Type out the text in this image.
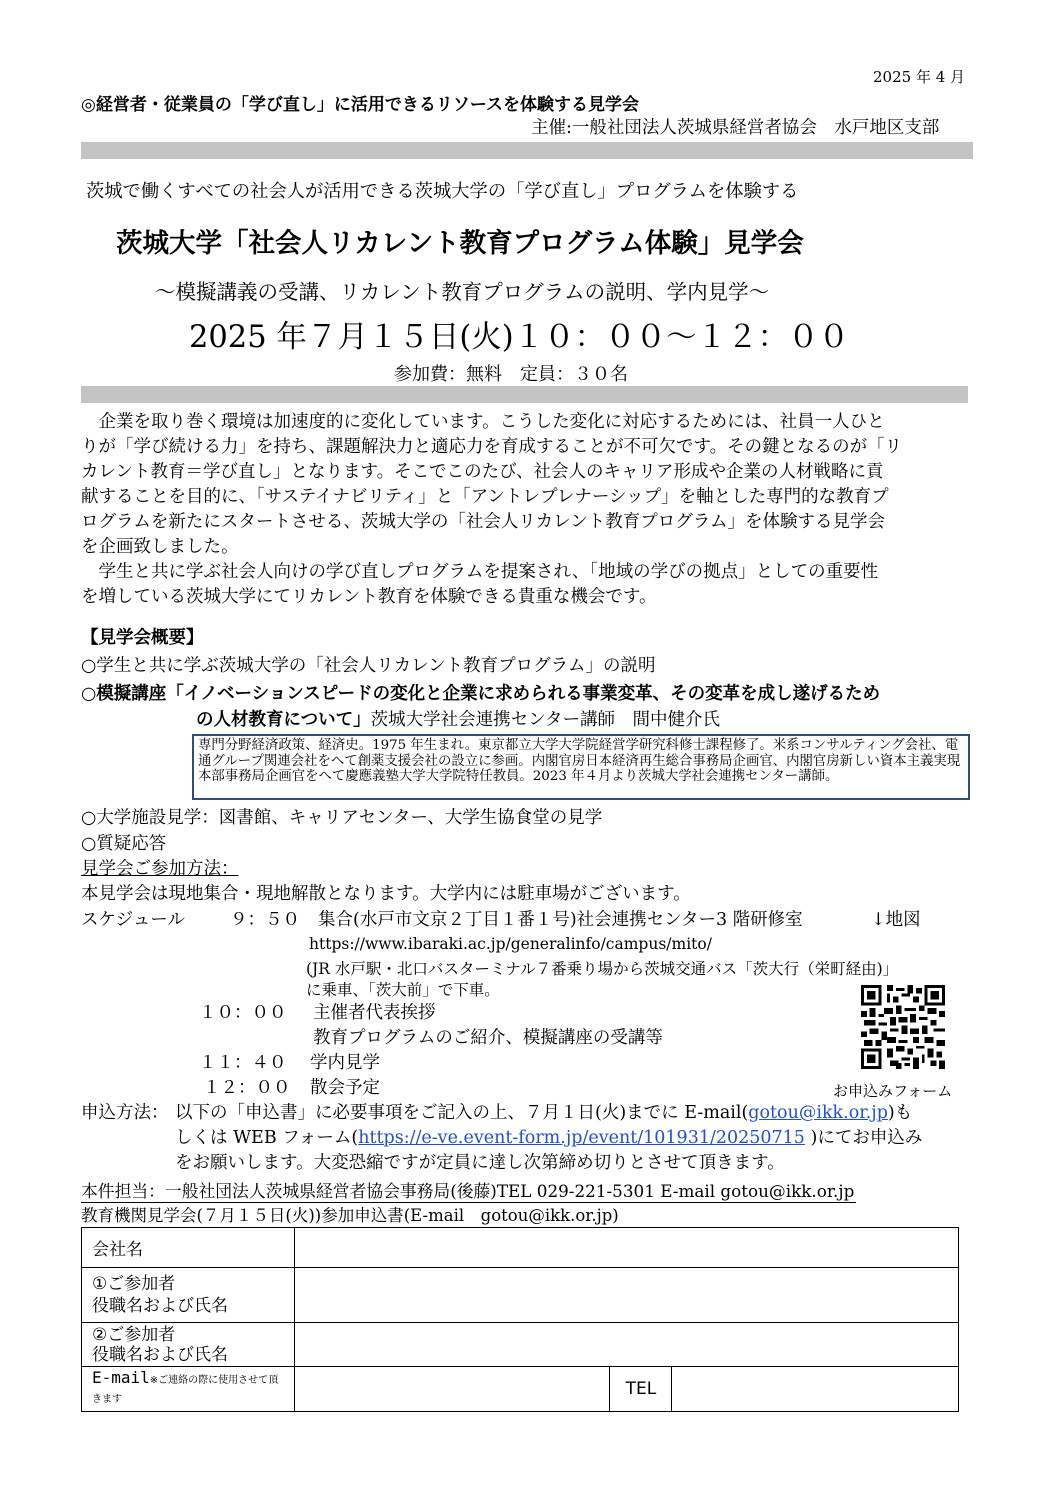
2025 年 4 月
◎経営者・従業員の「学び直し」に活用できるリソースを体験する見学会
主催:一般社団法人茨城県経営者協会　水戸地区支部
茨城で働くすべての社会人が活用できる茨城大学の「学び直し」プログラムを体験する
茨城大学「社会人リカレント教育プログラム体験」見学会
～模擬講義の受講、リカレント教育プログラムの説明、学内見学～
2025 年７月１５日(火)１０：００～１２：００
参加費：無料　定員：３０名
　企業を取り巻く環境は加速度的に変化しています。こうした変化に対応するためには、社員一人ひと
りが「学び続ける力」を持ち、課題解決力と適応力を育成することが不可欠です。その鍵となるのが「リ
カレント教育＝学び直し」となります。そこでこのたび、社会人のキャリア形成や企業の人材戦略に貢
献することを目的に、「サステイナビリティ」と「アントレプレナーシップ」を軸とした専門的な教育プ
ログラムを新たにスタートさせる、茨城大学の「社会人リカレント教育プログラム」を体験する見学会
を企画致しました。
　学生と共に学ぶ社会人向けの学び直しプログラムを提案され、「地域の学びの拠点」としての重要性
を増している茨城大学にてリカレント教育を体験できる貴重な機会です。
【見学会概要】
○学生と共に学ぶ茨城大学の「社会人リカレント教育プログラム」の説明
○模擬講座「イノベーションスピードの変化と企業に求められる事業変革、その変革を成し遂げるため
の人材教育について」茨城大学社会連携センター講師　間中健介氏
専門分野経済政策、経済史。1975 年生まれ。東京都立大学大学院経営学研究科修士課程修了。米系コンサルティング会社、電通グループ関連会社をへて創薬支援会社の設立に参画。内閣官房日本経済再生総合事務局企画官、内閣官房新しい資本主義実現本部事務局企画官をへて慶應義塾大学大学院特任教員。2023 年４月より茨城大学社会連携センター講師。
○大学施設見学：図書館、キャリアセンター、大学生協食堂の見学
○質疑応答
見学会ご参加方法：
本見学会は現地集合・現地解散となります。大学内には駐車場がございます。
スケジュール	９：５０ 集合(水戸市文京２丁目１番１号)社会連携センター3 階研修室	↓地図
https://www.ibaraki.ac.jp/generalinfo/campus/mito/
(JR 水戸駅・北口バスターミナル７番乗り場から茨城交通バス「茨大行（栄町経由)」
に乗車、「茨大前」で下車。
１０：００ 主催者代表挨拶
教育プログラムのご紹介、模擬講座の受講等
１１：４０ 学内見学
１２：００ 散会予定	お申込みフォーム
申込方法： 以下の「申込書」に必要事項をご記入の上、７月１日(火)までに E-mail(gotou@ikk.or.jp)も
しくは WEB フォーム(https://e-ve.event-form.jp/event/101931/20250715 )にてお申込み
をお願いします。大変恐縮ですが定員に達し次第締め切りとさせて頂きます。
本件担当：一般社団法人茨城県経営者協会事務局(後藤)TEL 029-221-5301 E-mail gotou@ikk.or.jp
教育機関見学会(７月１５日(火))参加申込書(E-mail　gotou@ikk.or.jp)
会社名			

①ご参加者
役職名および氏名			

②ご参加者
役職名および氏名			

E-mail※ご連絡の際に使用させて頂きます		TEL	
